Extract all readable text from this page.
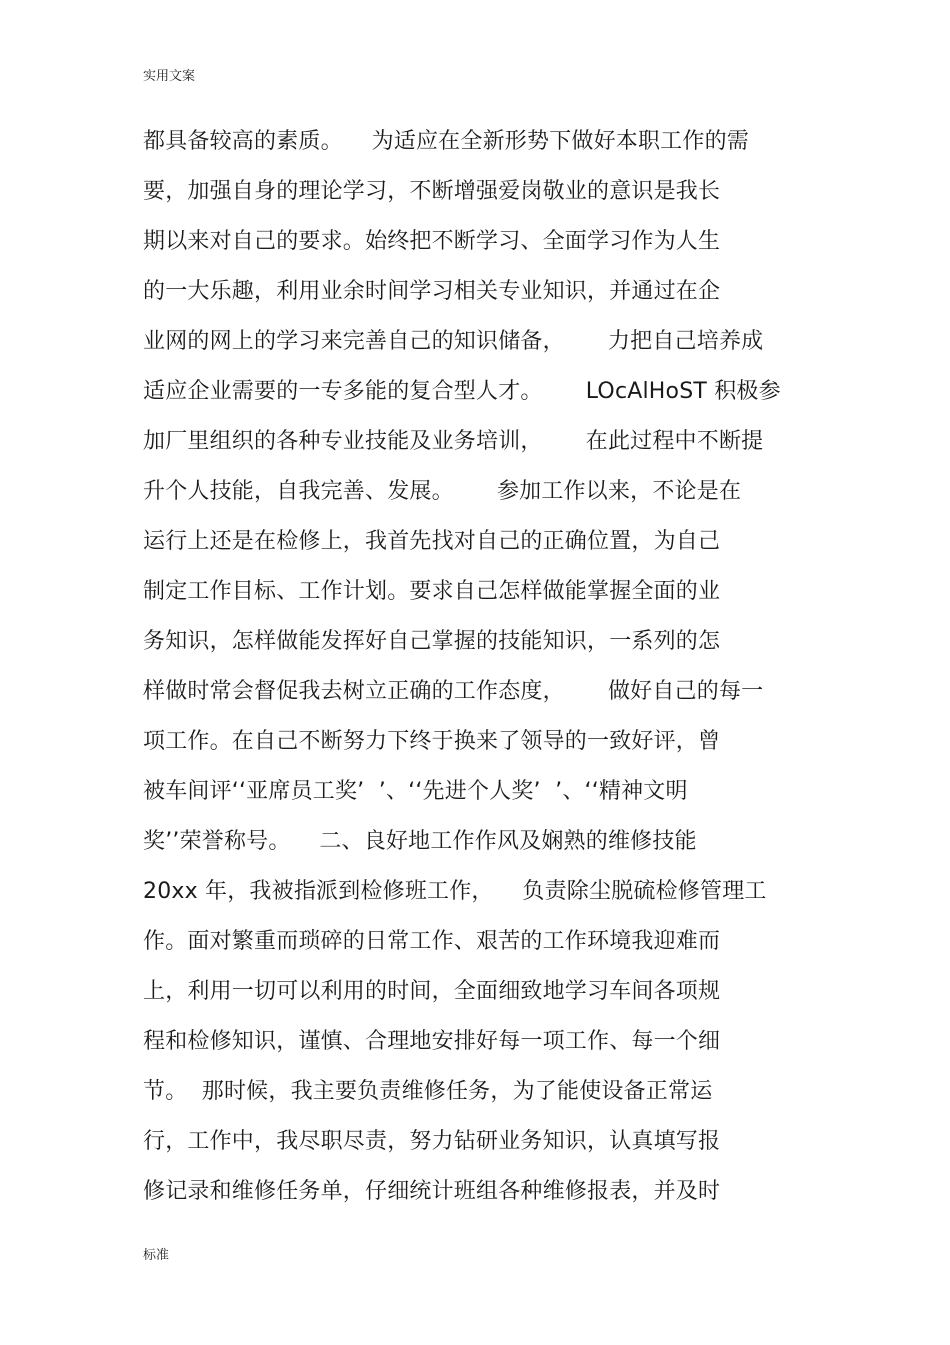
实用文案
都具备较高的素质。    为适应在全新形势下做好本职工作的需
要，加强自身的理论学习，不断增强爱岗敬业的意识是我长
期以来对自己的要求。始终把不断学习、全面学习作为人生
的一大乐趣，利用业余时间学习相关专业知识，并通过在企
业网的网上的学习来完善自己的知识储备，      力把自己培养成
适应企业需要的一专多能的复合型人才。      LOcAlHoST 积极参
加厂里组织的各种专业技能及业务培训，      在此过程中不断提
升个人技能，自我完善、发展。      参加工作以来，不论是在
运行上还是在检修上，我首先找对自己的正确位置，为自己
制定工作目标、工作计划。要求自己怎样做能掌握全面的业
务知识，怎样做能发挥好自己掌握的技能知识，一系列的怎
样做时常会督促我去树立正确的工作态度，      做好自己的每一
项工作。在自己不断努力下终于换来了领导的一致好评，曾
被车间评‘‘亚席员工奖’  ’、‘‘先进个人奖’  ’、‘‘精神文明
奖’’荣誉称号。    二、良好地工作作风及娴熟的维修技能
20xx 年，我被指派到检修班工作，    负责除尘脱硫检修管理工
作。面对繁重而琐碎的日常工作、艰苦的工作环境我迎难而
上，利用一切可以利用的时间，全面细致地学习车间各项规
程和检修知识，谨慎、合理地安排好每一项工作、每一个细
节。  那时候，我主要负责维修任务，为了能使设备正常运
行，工作中，我尽职尽责，努力钻研业务知识，认真填写报
修记录和维修任务单，仔细统计班组各种维修报表，并及时
标准
